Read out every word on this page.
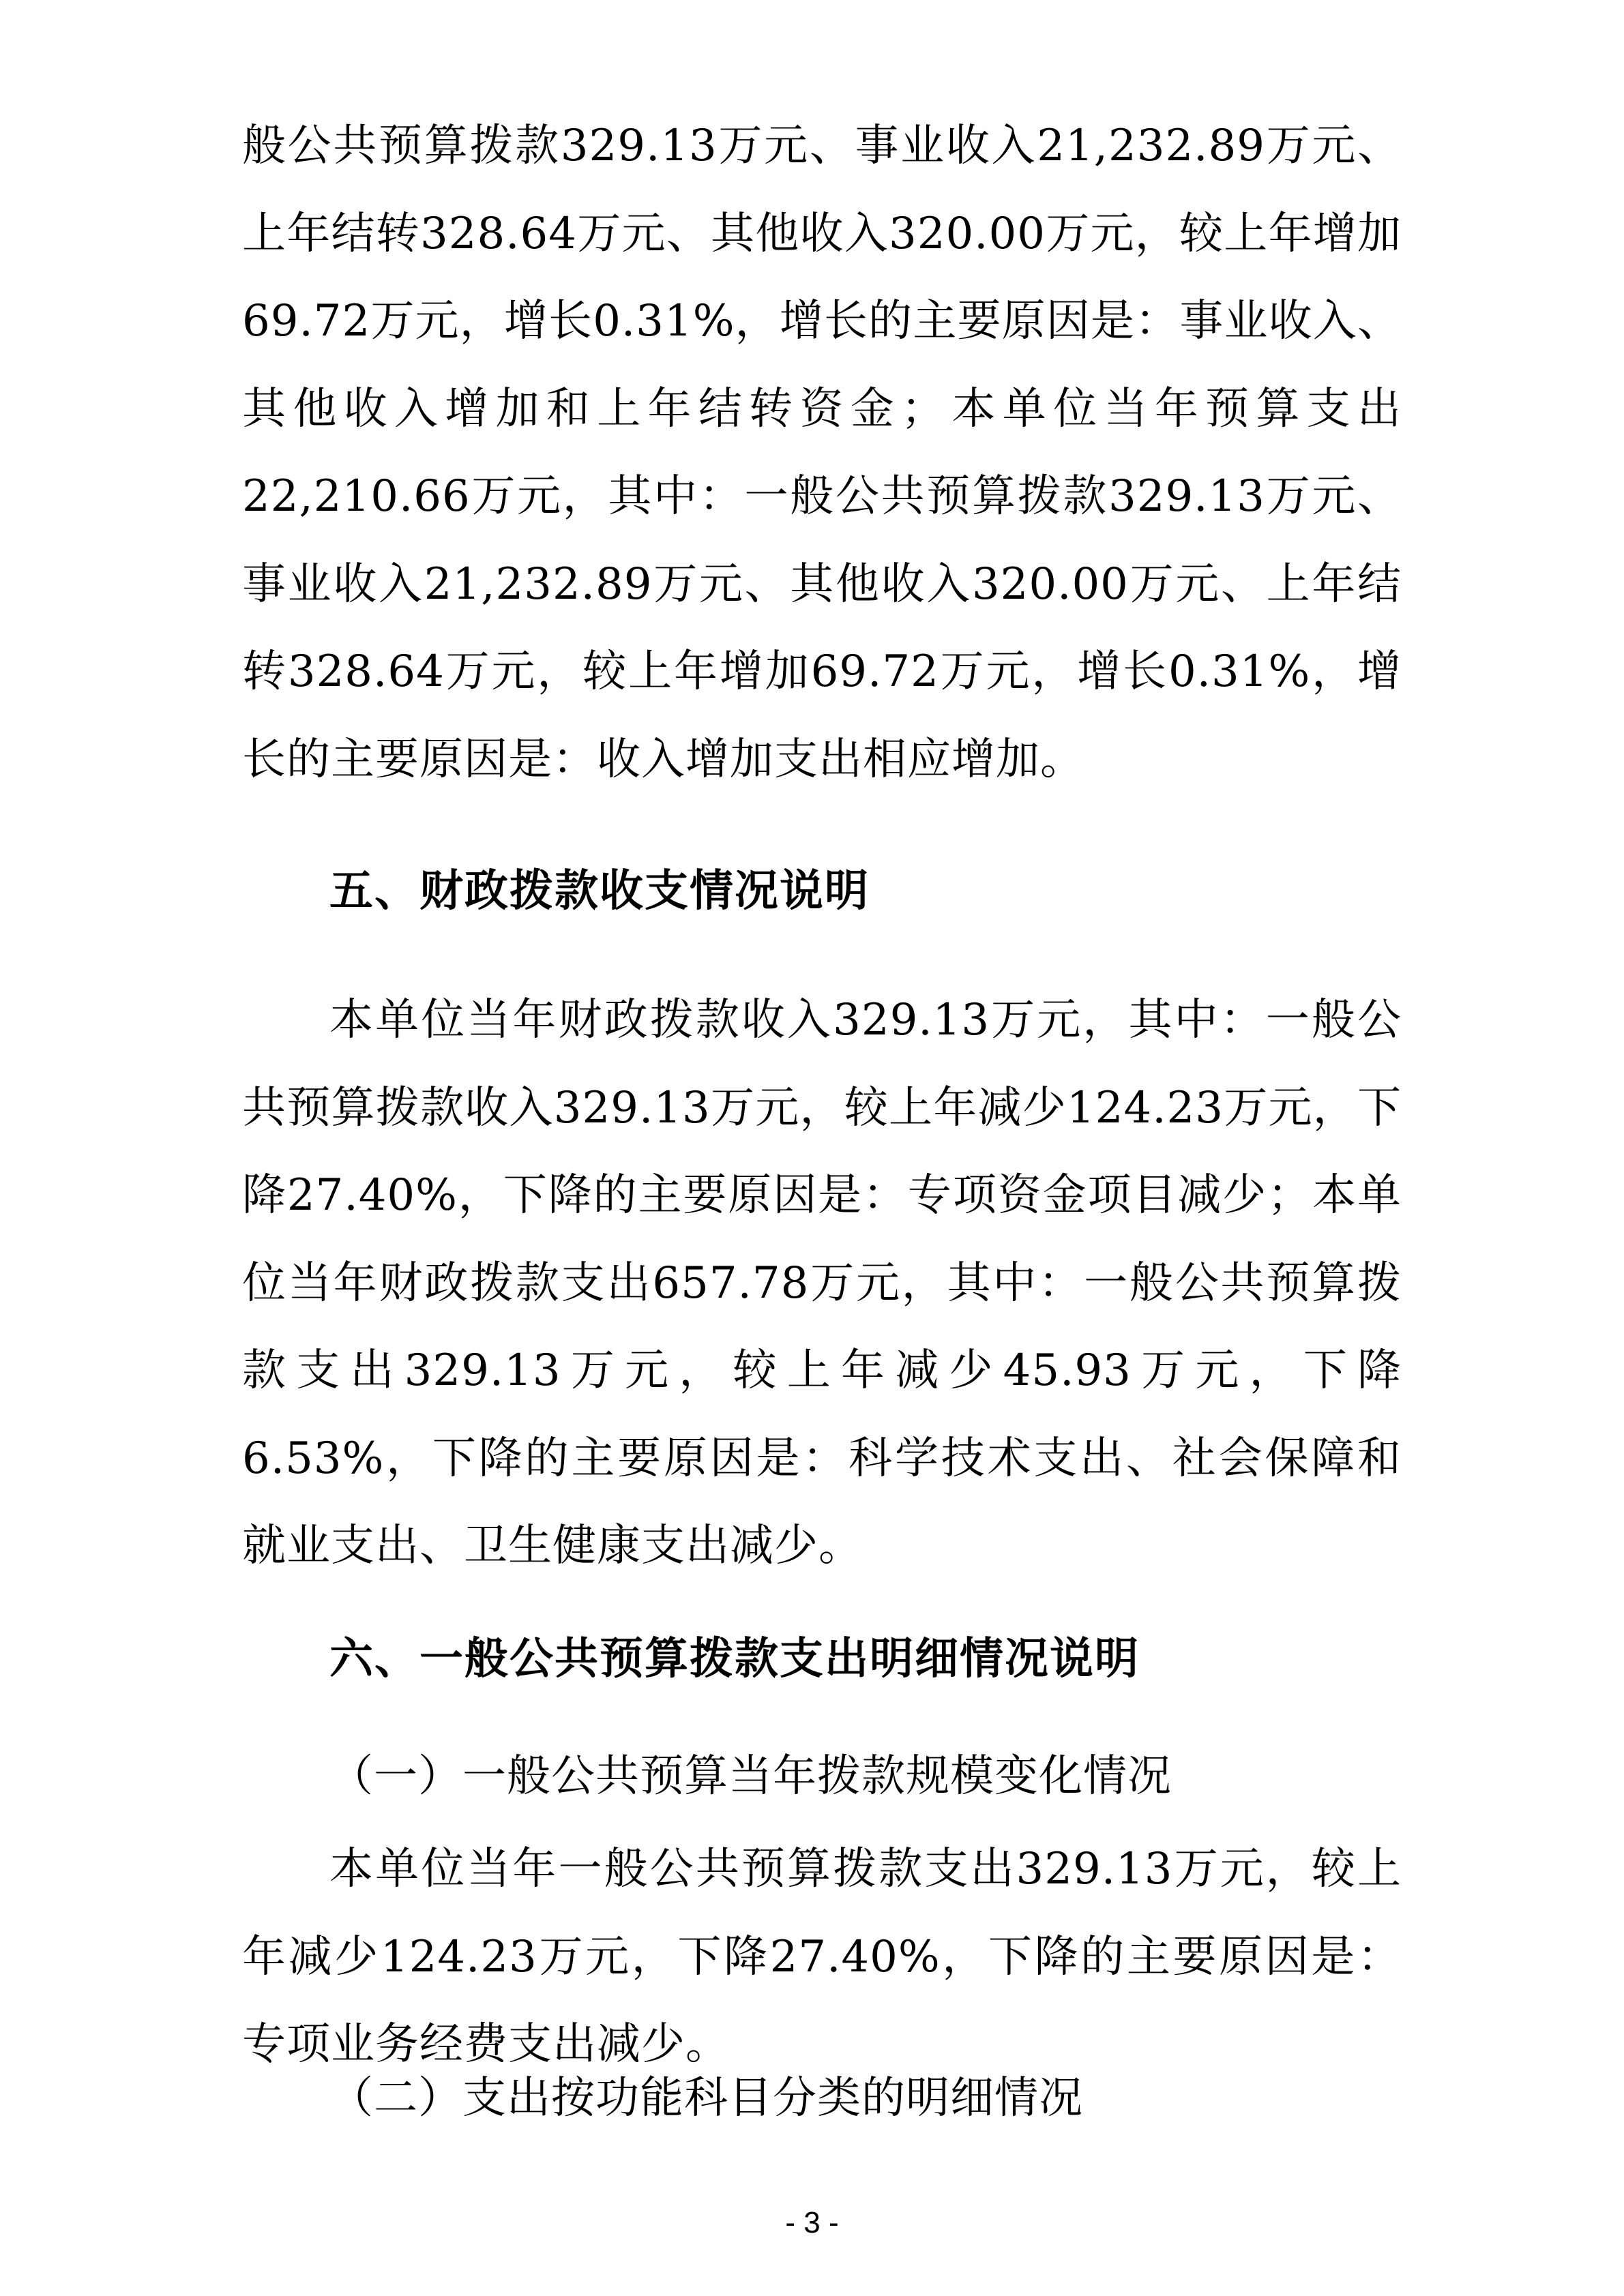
般公共预算拨款329.13万元、事业收入21,232.89万元、上年结转328.64万元、其他收入320.00万元，较上年增加69.72万元，增长0.31%，增长的主要原因是：事业收入、其他收入增加和上年结转资金；本单位当年预算支出22,210.66万元，其中：一般公共预算拨款329.13万元、事业收入21,232.89万元、其他收入320.00万元、上年结转328.64万元，较上年增加69.72万元，增长0.31%，增长的主要原因是：收入增加支出相应增加。

五、财政拨款收支情况说明

本单位当年财政拨款收入329.13万元，其中：一般公共预算拨款收入329.13万元，较上年减少124.23万元，下降27.40%，下降的主要原因是：专项资金项目减少；本单位当年财政拨款支出657.78万元，其中：一般公共预算拨款支出329.13万元，较上年减少45.93万元，下降6.53%，下降的主要原因是：科学技术支出、社会保障和就业支出、卫生健康支出减少。

六、一般公共预算拨款支出明细情况说明

（一）一般公共预算当年拨款规模变化情况

本单位当年一般公共预算拨款支出329.13万元，较上年减少124.23万元，下降27.40%，下降的主要原因是：专项业务经费支出减少。

（二）支出按功能科目分类的明细情况

- 3 -
